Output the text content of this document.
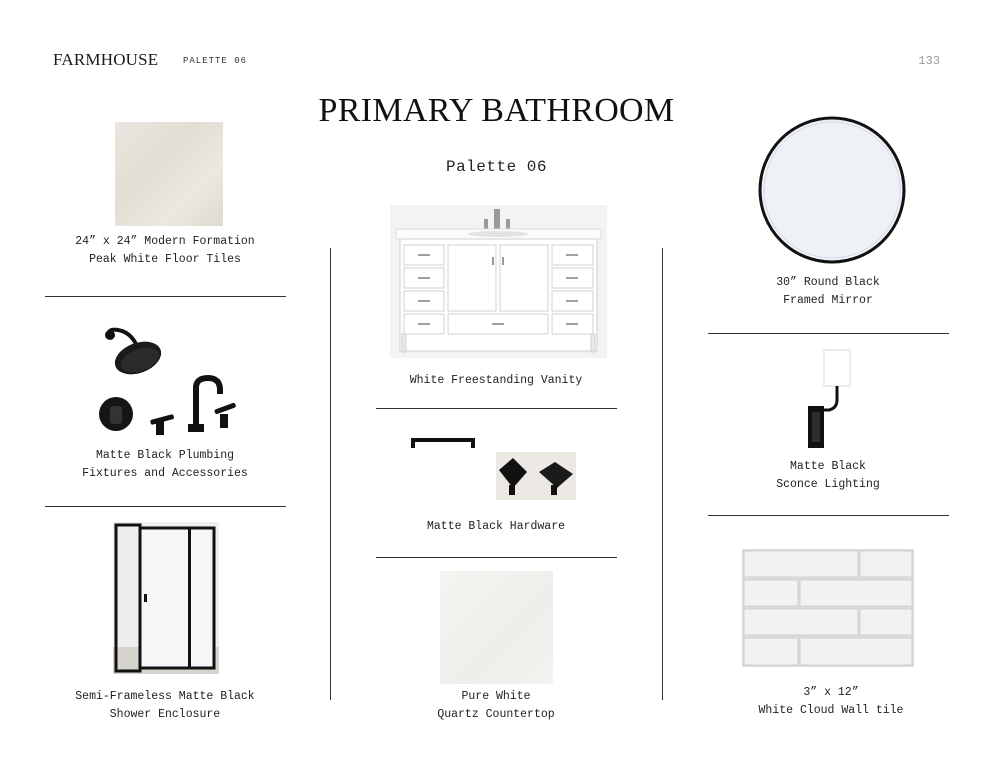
FARMHOUSE	PALETTE 06	133
PRIMARY BATHROOM
Palette 06
24” x 24” Modern Formation
Peak White Floor Tiles
Matte Black Plumbing
Fixtures and Accessories
Semi-Frameless Matte Black
Shower Enclosure
White Freestanding Vanity
Matte Black Hardware
Pure White
Quartz Countertop
30” Round Black
Framed Mirror
Matte Black
Sconce Lighting
3” x 12”
White Cloud Wall tile
